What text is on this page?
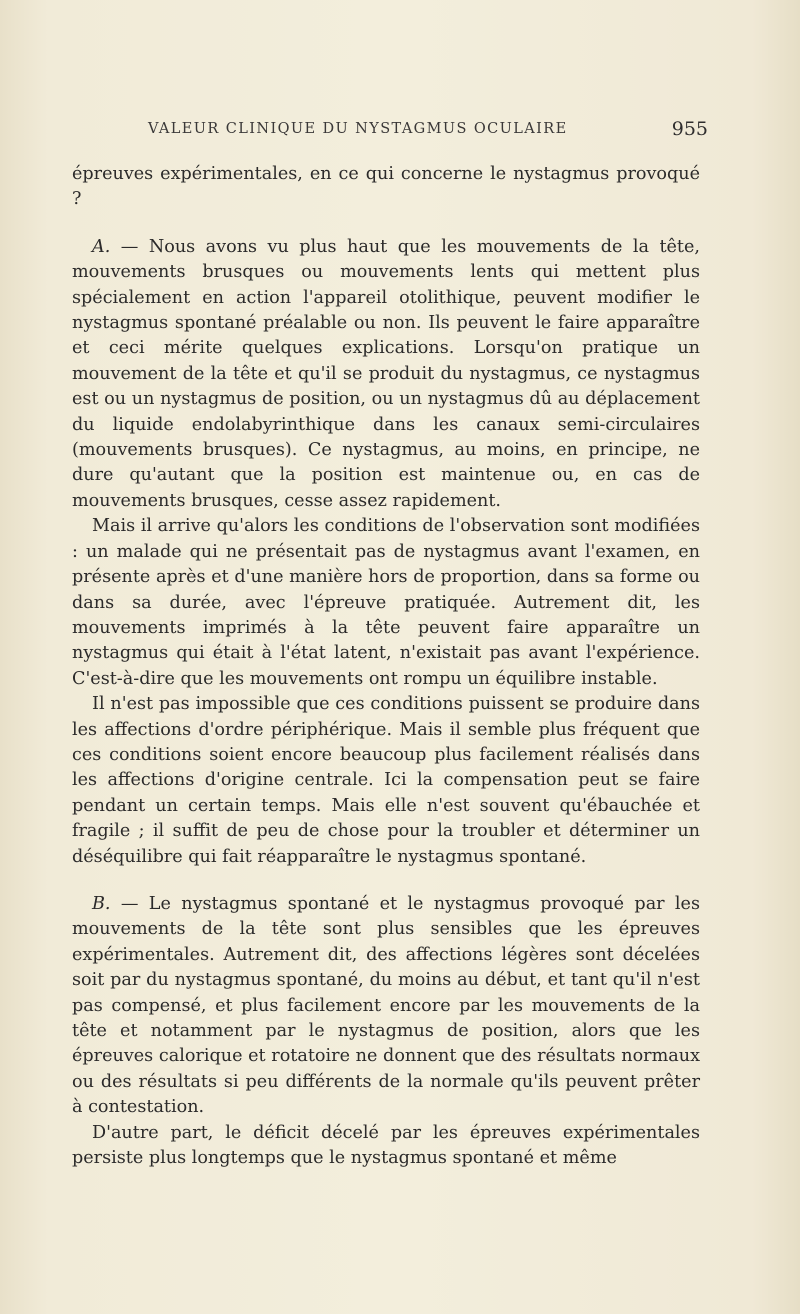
VALEUR CLINIQUE DU NYSTAGMUS OCULAIRE	955

épreuves expérimentales, en ce qui concerne le nystagmus provoqué ?

A. — Nous avons vu plus haut que les mouvements de la tête, mouvements brusques ou mouvements lents qui mettent plus spécialement en action l'appareil otolithique, peuvent modifier le nystagmus spontané préalable ou non. Ils peuvent le faire apparaître et ceci mérite quelques explications. Lorsqu'on pratique un mouvement de la tête et qu'il se produit du nystagmus, ce nystagmus est ou un nystagmus de position, ou un nystagmus dû au déplacement du liquide endolabyrinthique dans les canaux semi-circulaires (mouvements brusques). Ce nystagmus, au moins, en principe, ne dure qu'autant que la position est maintenue ou, en cas de mouvements brusques, cesse assez rapidement.

Mais il arrive qu'alors les conditions de l'observation sont modifiées : un malade qui ne présentait pas de nystagmus avant l'examen, en présente après et d'une manière hors de proportion, dans sa forme ou dans sa durée, avec l'épreuve pratiquée. Autrement dit, les mouvements imprimés à la tête peuvent faire apparaître un nystagmus qui était à l'état latent, n'existait pas avant l'expérience. C'est-à-dire que les mouvements ont rompu un équilibre instable.

Il n'est pas impossible que ces conditions puissent se produire dans les affections d'ordre périphérique. Mais il semble plus fréquent que ces conditions soient encore beaucoup plus facilement réalisés dans les affections d'origine centrale. Ici la compensation peut se faire pendant un certain temps. Mais elle n'est souvent qu'ébauchée et fragile ; il suffit de peu de chose pour la troubler et déterminer un déséquilibre qui fait réapparaître le nystagmus spontané.

B. — Le nystagmus spontané et le nystagmus provoqué par les mouvements de la tête sont plus sensibles que les épreuves expérimentales. Autrement dit, des affections légères sont décelées soit par du nystagmus spontané, du moins au début, et tant qu'il n'est pas compensé, et plus facilement encore par les mouvements de la tête et notamment par le nystagmus de position, alors que les épreuves calorique et rotatoire ne donnent que des résultats normaux ou des résultats si peu différents de la normale qu'ils peuvent prêter à contestation.

D'autre part, le déficit décelé par les épreuves expérimentales persiste plus longtemps que le nystagmus spontané et même
